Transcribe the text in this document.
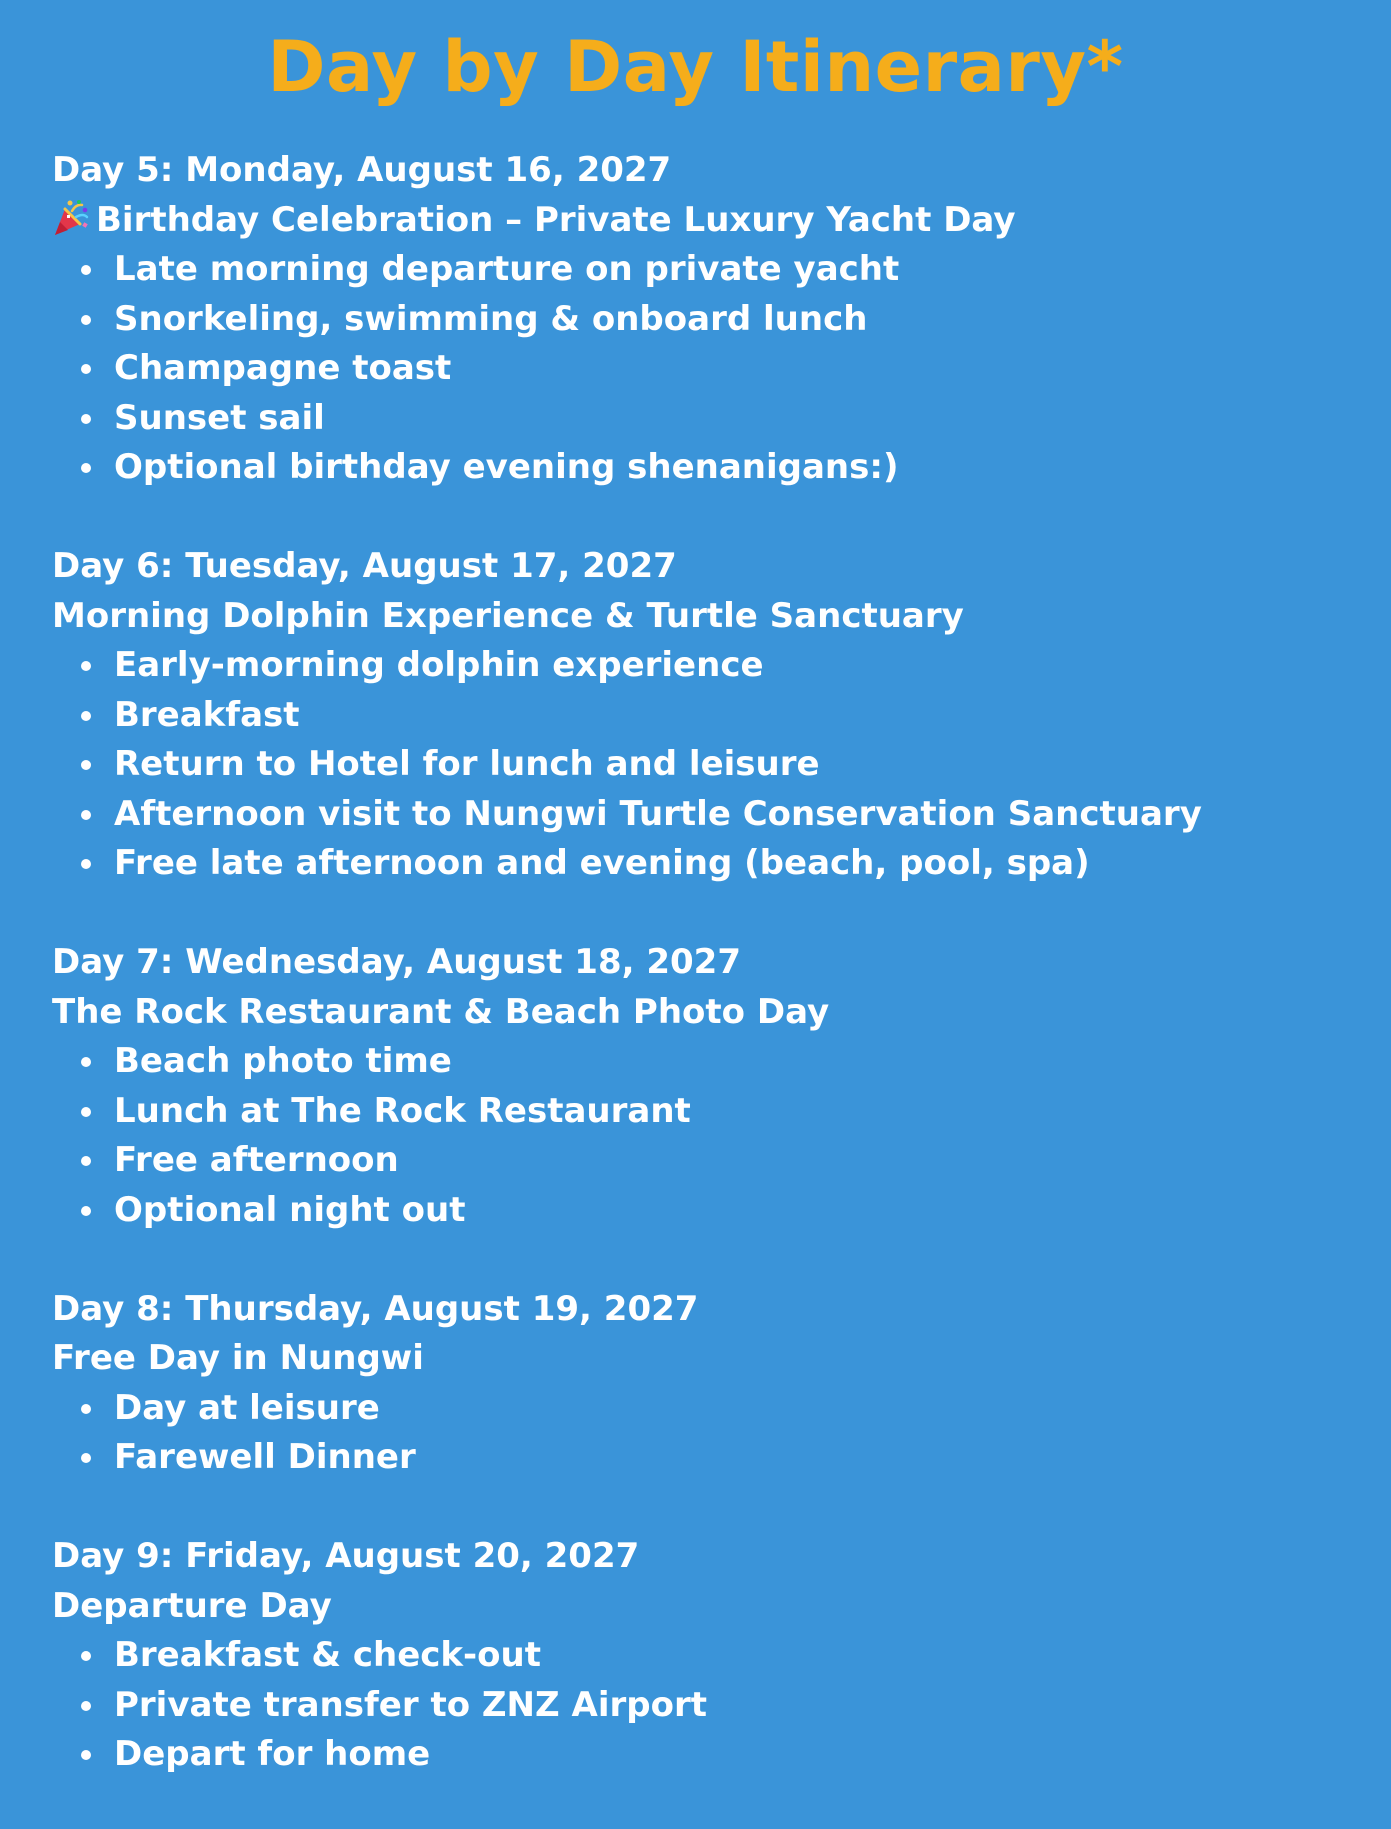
Day by Day Itinerary*

Day 5: Monday, August 16, 2027

Birthday Celebration – Private Luxury Yacht Day

Late morning departure on private yacht
Snorkeling, swimming & onboard lunch
Champagne toast
Sunset sail
Optional birthday evening shenanigans:)

Day 6: Tuesday, August 17, 2027

Morning Dolphin Experience & Turtle Sanctuary

Early-morning dolphin experience
Breakfast
Return to Hotel for lunch and leisure
Afternoon visit to Nungwi Turtle Conservation Sanctuary
Free late afternoon and evening (beach, pool, spa)

Day 7: Wednesday, August 18, 2027

The Rock Restaurant & Beach Photo Day

Beach photo time
Lunch at The Rock Restaurant
Free afternoon
Optional night out

Day 8: Thursday, August 19, 2027

Free Day in Nungwi

Day at leisure
Farewell Dinner

Day 9: Friday, August 20, 2027

Departure Day

Breakfast & check-out
Private transfer to ZNZ Airport
Depart for home
